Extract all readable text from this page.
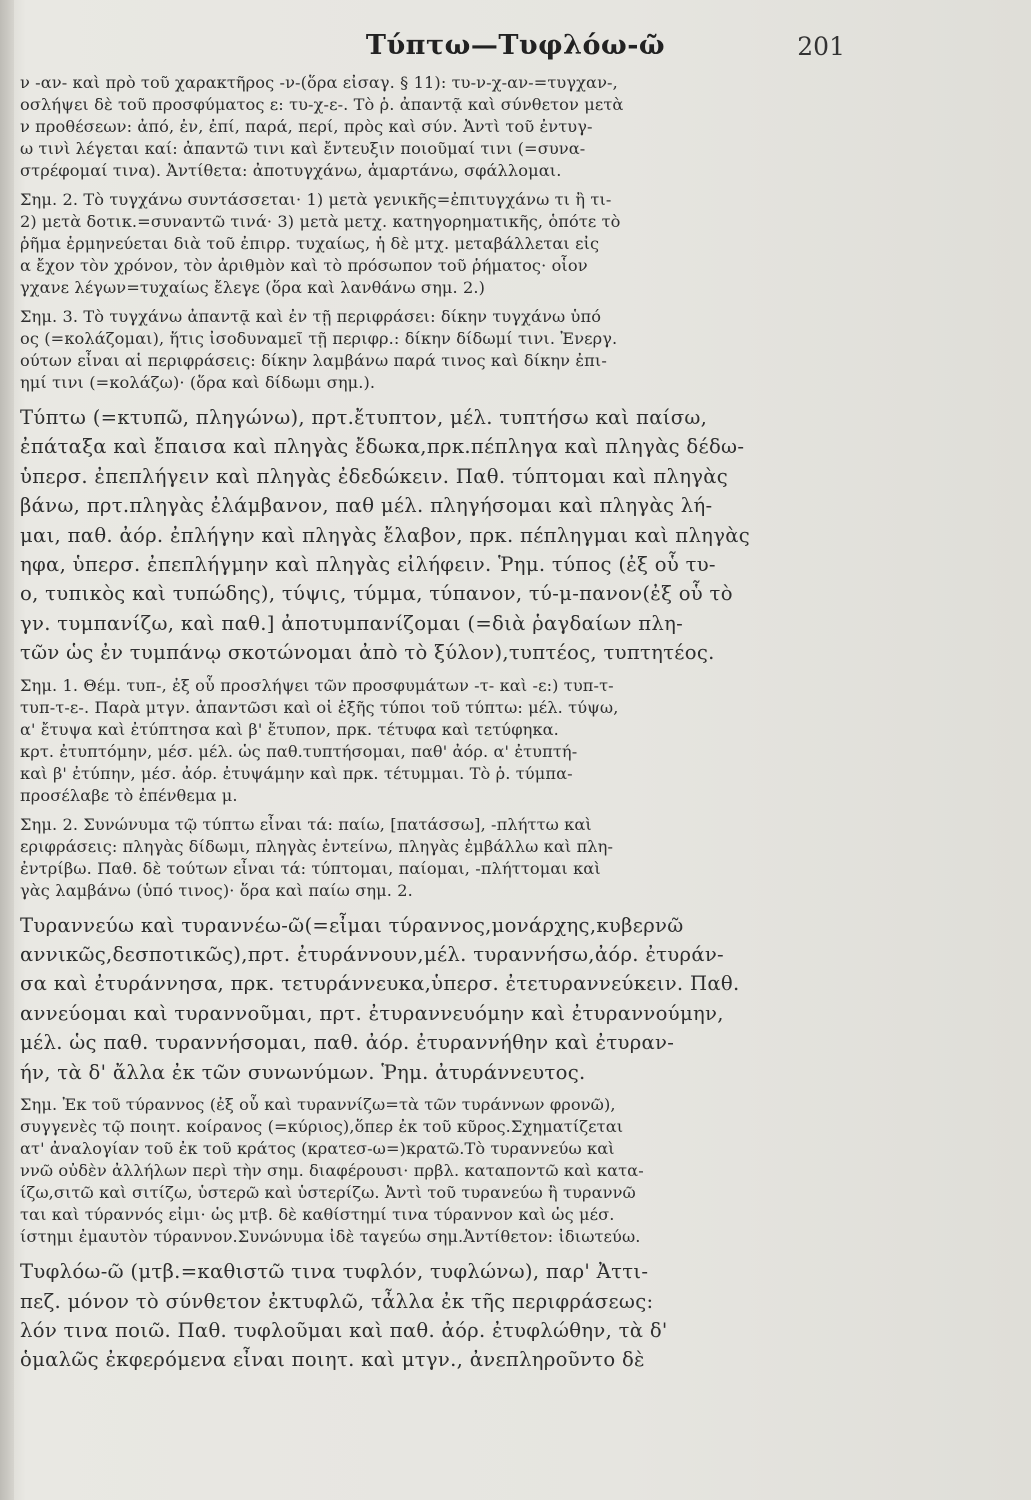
Τύπτω—Τυφλόω-ῶ	201
ν -αν- καὶ πρὸ τοῦ χαρακτῆρος -ν-(ὅρα εἰσαγ. § 11): τυ-ν-χ-αν-=τυγχαν-,
οσλήψει δὲ τοῦ προσφύματος ε: τυ-χ-ε-. Τὸ ῥ. ἀπαντᾷ καὶ σύνθετον μετὰ
ν προθέσεων: ἀπό, ἐν, ἐπί, παρά, περί, πρὸς καὶ σύν. Ἀντὶ τοῦ ἐντυγ-
ω τινὶ λέγεται καί: ἀπαντῶ τινι καὶ ἔντευξιν ποιοῦμαί τινι (=συνα-
στρέφομαί τινα). Ἀντίθετα: ἀποτυγχάνω, ἁμαρτάνω, σφάλλομαι.
Σημ. 2. Τὸ τυγχάνω συντάσσεται· 1) μετὰ γενικῆς=ἐπιτυγχάνω τι ἢ τι-
2) μετὰ δοτικ.=συναντῶ τινά· 3) μετὰ μετχ. κατηγορηματικῆς, ὁπότε τὸ
ῥῆμα ἑρμηνεύεται διὰ τοῦ ἐπιρρ. τυχαίως, ἡ δὲ μτχ. μεταβάλλεται εἰς
α ἔχον τὸν χρόνον, τὸν ἀριθμὸν καὶ τὸ πρόσωπον τοῦ ῥήματος· οἷον
γχανε λέγων=τυχαίως ἔλεγε (ὅρα καὶ λανθάνω σημ. 2.)
Σημ. 3. Τὸ τυγχάνω ἀπαντᾷ καὶ ἐν τῇ περιφράσει: δίκην τυγχάνω ὑπό
ος (=κολάζομαι), ἥτις ἰσοδυναμεῖ τῇ περιφρ.: δίκην δίδωμί τινι. Ἐνεργ.
ούτων εἶναι αἱ περιφράσεις: δίκην λαμβάνω παρά τινος καὶ δίκην ἐπι-
ημί τινι (=κολάζω)· (ὅρα καὶ δίδωμι σημ.).
Τύπτω (=κτυπῶ, πληγώνω), πρτ.ἔτυπτον, μέλ. τυπτήσω καὶ παίσω,
ἐπάταξα καὶ ἔπαισα καὶ πληγὰς ἔδωκα,πρκ.πέπληγα καὶ πληγὰς δέδω-
ὑπερσ. ἐπεπλήγειν καὶ πληγὰς ἐδεδώκειν. Παθ. τύπτομαι καὶ πληγὰς
βάνω, πρτ.πληγὰς ἐλάμβανον, παθ μέλ. πληγήσομαι καὶ πληγὰς λή-
μαι, παθ. ἀόρ. ἐπλήγην καὶ πληγὰς ἔλαβον, πρκ. πέπληγμαι καὶ πληγὰς
ηφα, ὑπερσ. ἐπεπλήγμην καὶ πληγὰς εἰλήφειν. Ῥημ. τύπος (ἐξ οὗ τυ-
ο, τυπικὸς καὶ τυπώδης), τύψις, τύμμα, τύπανον, τύ-μ-πανον(ἐξ οὗ τὸ
γν. τυμπανίζω, καὶ παθ.] ἀποτυμπανίζομαι (=διὰ ῥαγδαίων πλη-
τῶν ὡς ἐν τυμπάνῳ σκοτώνομαι ἀπὸ τὸ ξύλον),τυπτέος, τυπτητέος.
Σημ. 1. Θέμ. τυπ-, ἐξ οὗ προσλήψει τῶν προσφυμάτων -τ- καὶ -ε:) τυπ-τ-
τυπ-τ-ε-. Παρὰ μτγν. ἀπαντῶσι καὶ οἱ ἑξῆς τύποι τοῦ τύπτω: μέλ. τύψω,
α' ἔτυψα καὶ ἐτύπτησα καὶ β' ἔτυπον, πρκ. τέτυφα καὶ τετύφηκα.
κρτ. ἐτυπτόμην, μέσ. μέλ. ὡς παθ.τυπτήσομαι, παθ' ἀόρ. α' ἐτυπτή-
καὶ β' ἐτύπην, μέσ. ἀόρ. ἐτυψάμην καὶ πρκ. τέτυμμαι. Τὸ ῥ. τύμπα-
προσέλαβε τὸ ἐπένθεμα μ.
Σημ. 2. Συνώνυμα τῷ τύπτω εἶναι τά: παίω, [πατάσσω], -πλήττω καὶ
εριφράσεις: πληγὰς δίδωμι, πληγὰς ἐντείνω, πληγὰς ἐμβάλλω καὶ πλη-
ἐντρίβω. Παθ. δὲ τούτων εἶναι τά: τύπτομαι, παίομαι, -πλήττομαι καὶ
γὰς λαμβάνω (ὑπό τινος)· ὅρα καὶ παίω σημ. 2.
Τυραννεύω καὶ τυραννέω-ῶ(=εἶμαι τύραννος,μονάρχης,κυβερνῶ
αννικῶς,δεσποτικῶς),πρτ. ἐτυράννουν,μέλ. τυραννήσω,ἀόρ. ἐτυράν-
σα καὶ ἐτυράννησα, πρκ. τετυράννευκα,ὑπερσ. ἐτετυραννεύκειν. Παθ.
αννεύομαι καὶ τυραννοῦμαι, πρτ. ἐτυραννευόμην καὶ ἐτυραννούμην,
μέλ. ὡς παθ. τυραννήσομαι, παθ. ἀόρ. ἐτυραννήθην καὶ ἐτυραν-
ήν, τὰ δ' ἄλλα ἐκ τῶν συνωνύμων. Ῥημ. ἀτυράννευτος.
Σημ. Ἐκ τοῦ τύραννος (ἐξ οὗ καὶ τυραννίζω=τὰ τῶν τυράννων φρονῶ),
συγγενὲς τῷ ποιητ. κοίρανος (=κύριος),ὅπερ ἐκ τοῦ κῦρος.Σχηματίζεται
ατ' ἀναλογίαν τοῦ ἐκ τοῦ κράτος (κρατεσ-ω=)κρατῶ.Τὸ τυραννεύω καὶ
ννῶ οὐδὲν ἀλλήλων περὶ τὴν σημ. διαφέρουσι· πρβλ. καταποντῶ καὶ κατα-
ίζω,σιτῶ καὶ σιτίζω, ὑστερῶ καὶ ὑστερίζω. Ἀντὶ τοῦ τυρανεύω ἢ τυραννῶ
ται καὶ τύραννός εἰμι· ὡς μτβ. δὲ καθίστημί τινα τύραννον καὶ ὡς μέσ.
ίστημι ἐμαυτὸν τύραννον.Συνώνυμα ἰδὲ ταγεύω σημ.Ἀντίθετον: ἰδιωτεύω.
Τυφλόω-ῶ (μτβ.=καθιστῶ τινα τυφλόν, τυφλώνω), παρ' Ἀττι-
πεζ. μόνον τὸ σύνθετον ἐκτυφλῶ, τἆλλα ἐκ τῆς περιφράσεως:
λόν τινα ποιῶ. Παθ. τυφλοῦμαι καὶ παθ. ἀόρ. ἐτυφλώθην, τὰ δ'
ὁμαλῶς ἐκφερόμενα εἶναι ποιητ. καὶ μτγν., ἀνεπληροῦντο δὲ
